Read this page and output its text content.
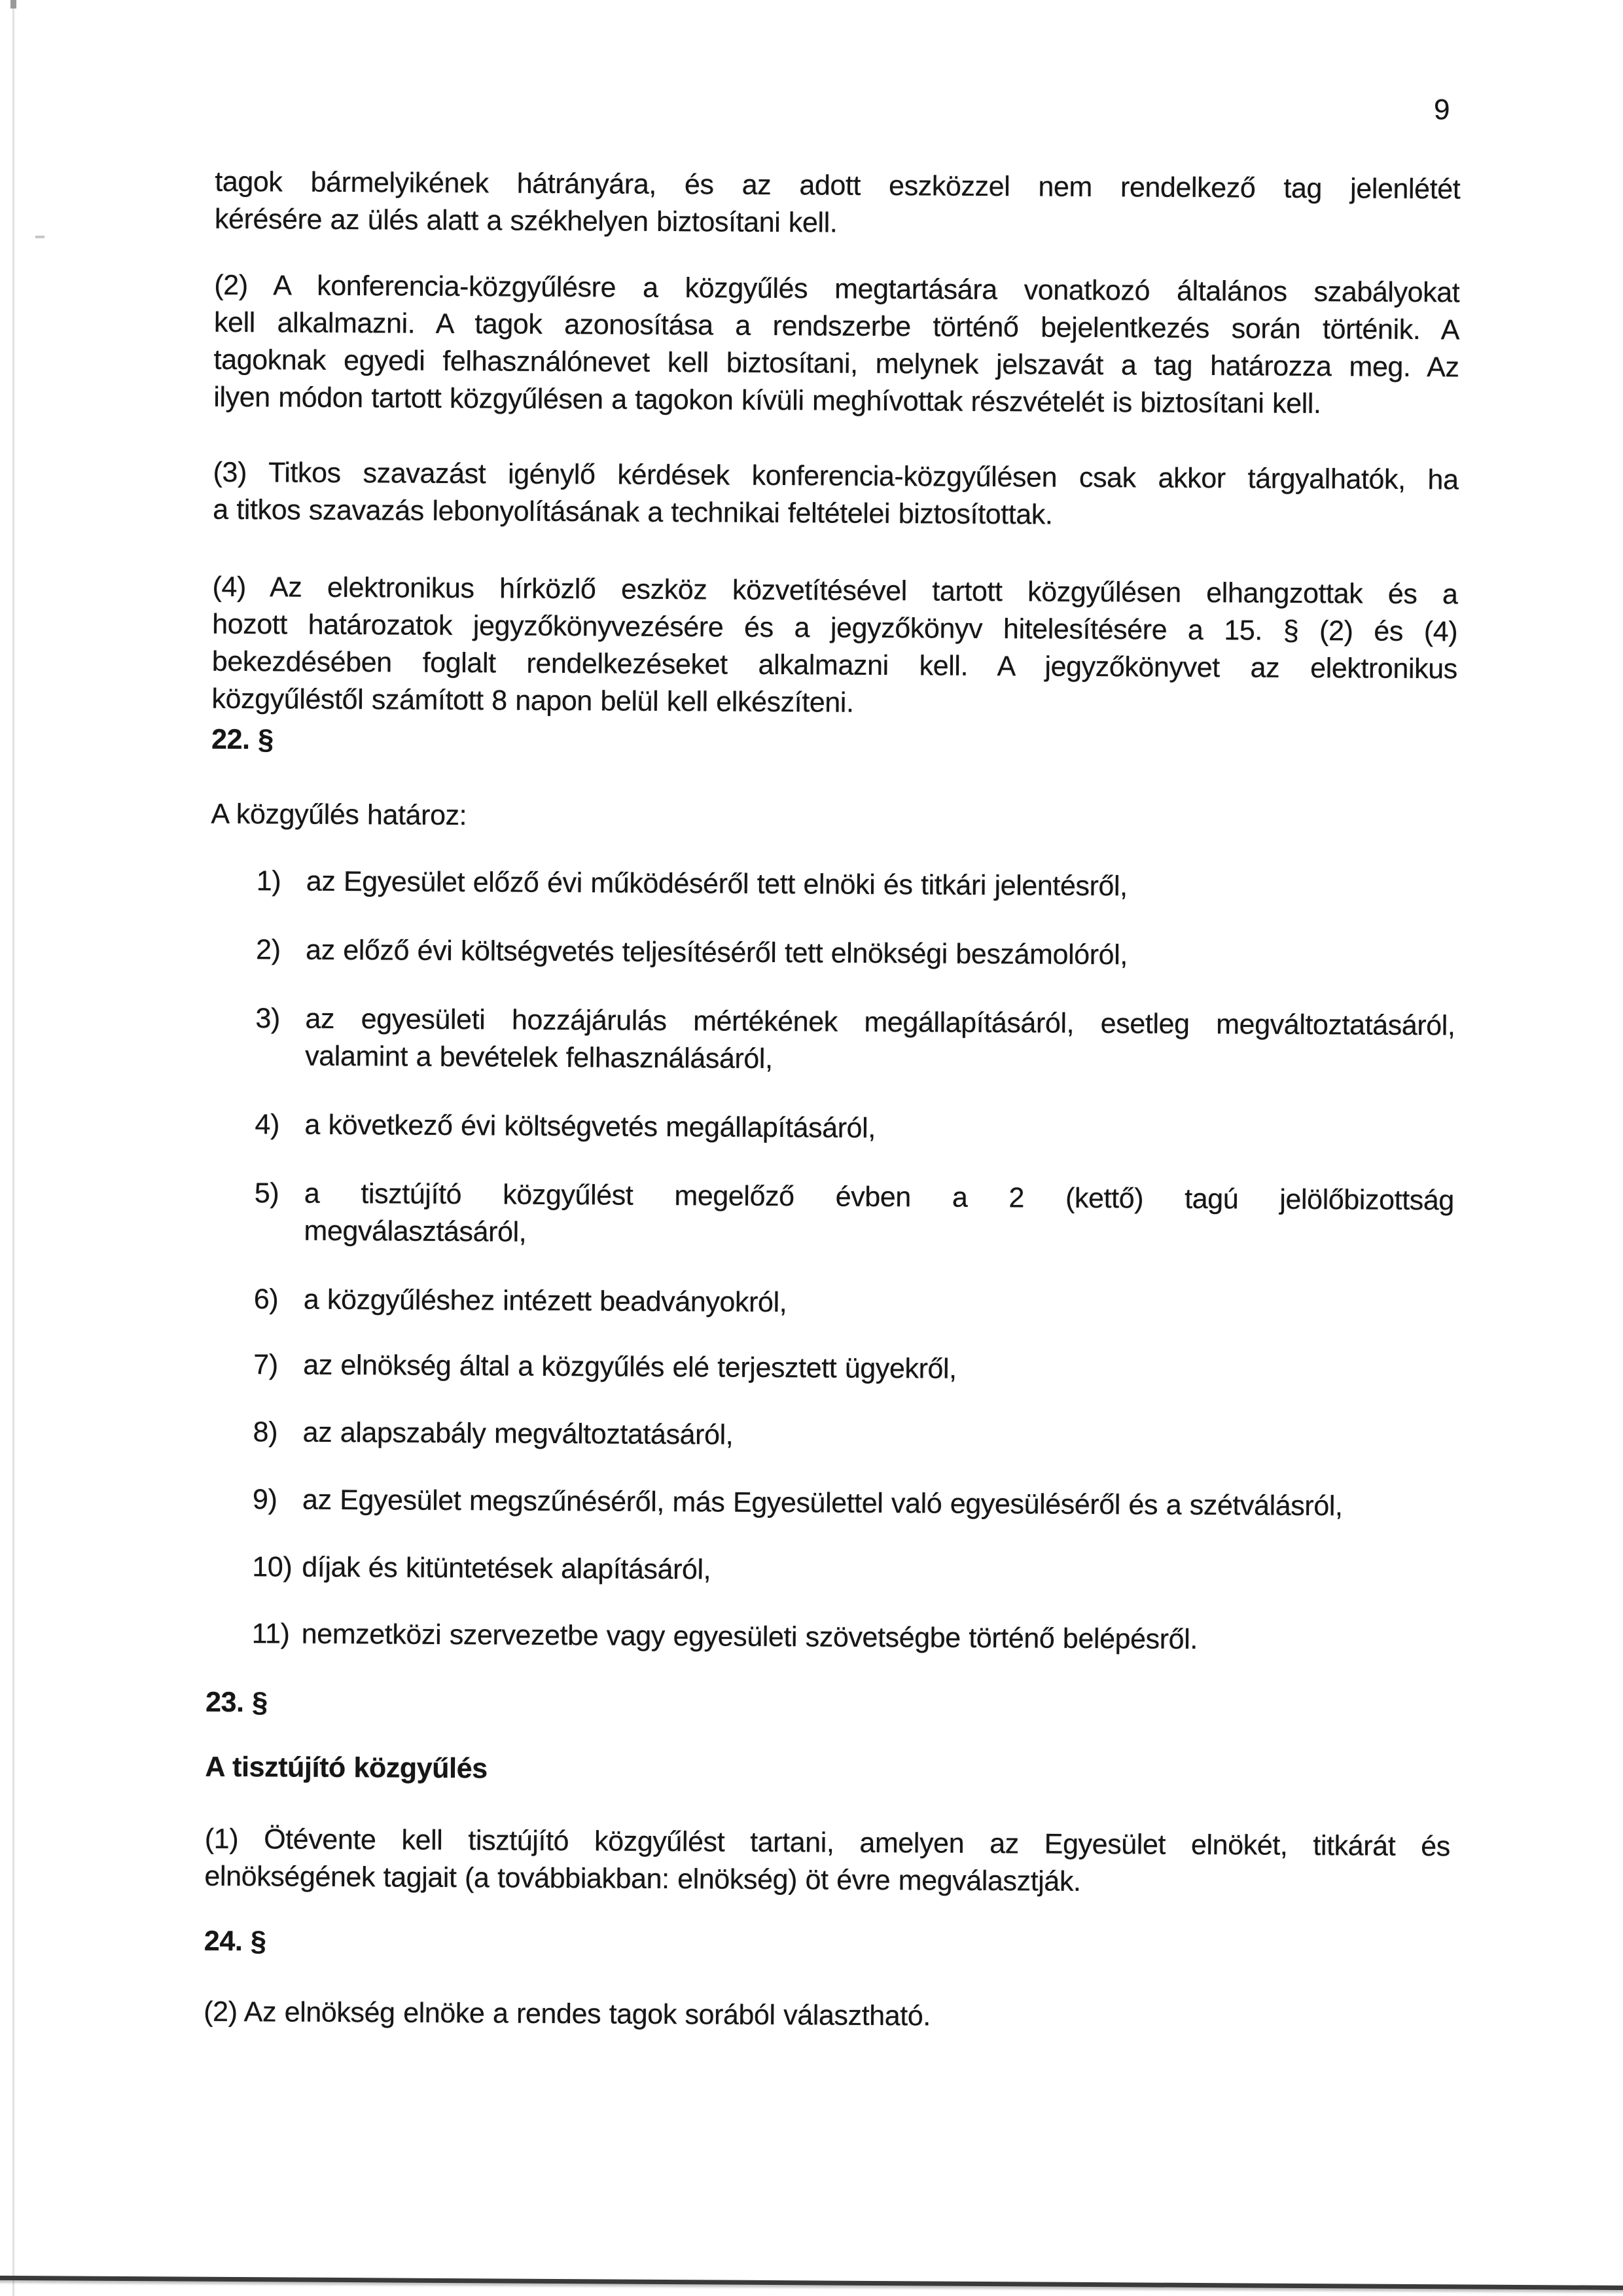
9
tagok bármelyikének hátrányára, és az adott eszközzel nem rendelkező tag jelenlétét
kérésére az ülés alatt a székhelyen biztosítani kell.
(2) A konferencia-közgyűlésre a közgyűlés megtartására vonatkozó általános szabályokat
kell alkalmazni. A tagok azonosítása a rendszerbe történő bejelentkezés során történik. A
tagoknak egyedi felhasználónevet kell biztosítani, melynek jelszavát a tag határozza meg. Az
ilyen módon tartott közgyűlésen a tagokon kívüli meghívottak részvételét is biztosítani kell.
(3) Titkos szavazást igénylő kérdések konferencia-közgyűlésen csak akkor tárgyalhatók, ha
a titkos szavazás lebonyolításának a technikai feltételei biztosítottak.
(4) Az elektronikus hírközlő eszköz közvetítésével tartott közgyűlésen elhangzottak és a
hozott határozatok jegyzőkönyvezésére és a jegyzőkönyv hitelesítésére a 15. § (2) és (4)
bekezdésében foglalt rendelkezéseket alkalmazni kell. A jegyzőkönyvet az elektronikus
közgyűléstől számított 8 napon belül kell elkészíteni.
22. §
A közgyűlés határoz:
1) az Egyesület előző évi működéséről tett elnöki és titkári jelentésről,
2) az előző évi költségvetés teljesítéséről tett elnökségi beszámolóról,
3) az egyesületi hozzájárulás mértékének megállapításáról, esetleg megváltoztatásáról,
valamint a bevételek felhasználásáról,
4) a következő évi költségvetés megállapításáról,
5) a tisztújító közgyűlést megelőző évben a 2 (kettő) tagú jelölőbizottság
megválasztásáról,
6) a közgyűléshez intézett beadványokról,
7) az elnökség által a közgyűlés elé terjesztett ügyekről,
8) az alapszabály megváltoztatásáról,
9) az Egyesület megszűnéséről, más Egyesülettel való egyesüléséről és a szétválásról,
10) díjak és kitüntetések alapításáról,
11) nemzetközi szervezetbe vagy egyesületi szövetségbe történő belépésről.
23. §
A tisztújító közgyűlés
(1) Ötévente kell tisztújító közgyűlést tartani, amelyen az Egyesület elnökét, titkárát és
elnökségének tagjait (a továbbiakban: elnökség) öt évre megválasztják.
24. §
(2) Az elnökség elnöke a rendes tagok sorából választható.
